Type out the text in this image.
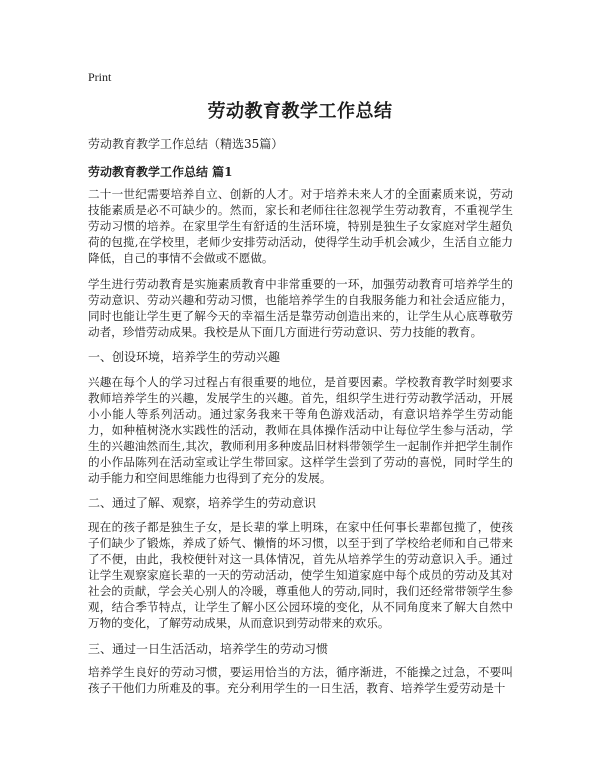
Print
劳动教育教学工作总结

劳动教育教学工作总结（精选35篇）

劳动教育教学工作总结 篇1

二十一世纪需要培养自立、创新的人才。对于培养未来人才的全面素质来说，劳动技能素质是必不可缺少的。然而，家长和老师往往忽视学生劳动教育，不重视学生劳动习惯的培养。在家里学生有舒适的生活环境，特别是独生子女家庭对学生超负荷的包揽,在学校里，老师少安排劳动活动，使得学生动手机会减少，生活自立能力降低，自己的事情不会做或不愿做。

学生进行劳动教育是实施素质教育中非常重要的一环，加强劳动教育可培养学生的劳动意识、劳动兴趣和劳动习惯，也能培养学生的自我服务能力和社会适应能力，同时也能让学生更了解今天的幸福生活是靠劳动创造出来的，让学生从心底尊敬劳动者，珍惜劳动成果。我校是从下面几方面进行劳动意识、劳力技能的教育。

一、创设环境，培养学生的劳动兴趣

兴趣在每个人的学习过程占有很重要的地位，是首要因素。学校教育教学时刻要求教师培养学生的兴趣，发展学生的兴趣。首先，组织学生进行劳动教学活动，开展小小能人等系列活动。通过家务我来干等角色游戏活动，有意识培养学生劳动能力，如种植树浇水实践性的活动，教师在具体操作活动中让每位学生参与活动，学生的兴趣油然而生,其次，教师利用多种废品旧材料带领学生一起制作并把学生制作的小作品陈列在活动室或让学生带回家。这样学生尝到了劳动的喜悦，同时学生的动手能力和空间思维能力也得到了充分的发展。

二、通过了解、观察，培养学生的劳动意识

现在的孩子都是独生子女，是长辈的掌上明珠，在家中任何事长辈都包揽了，使孩子们缺少了锻炼，养成了娇气、懒惰的坏习惯，以至于到了学校给老师和自己带来了不便，由此，我校便针对这一具体情况，首先从培养学生的劳动意识入手。通过让学生观察家庭长辈的一天的劳动活动，使学生知道家庭中每个成员的劳动及其对社会的贡献，学会关心别人的冷暖，尊重他人的劳动,同时，我们还经常带领学生参观，结合季节特点，让学生了解小区公园环境的变化，从不同角度来了解大自然中万物的变化，了解劳动成果，从而意识到劳动带来的欢乐。

三、通过一日生活活动，培养学生的劳动习惯

培养学生良好的劳动习惯，要运用恰当的方法，循序渐进，不能操之过急，不要叫孩子干他们力所难及的事。充分利用学生的一日生活，教育、培养学生爱劳动是十
